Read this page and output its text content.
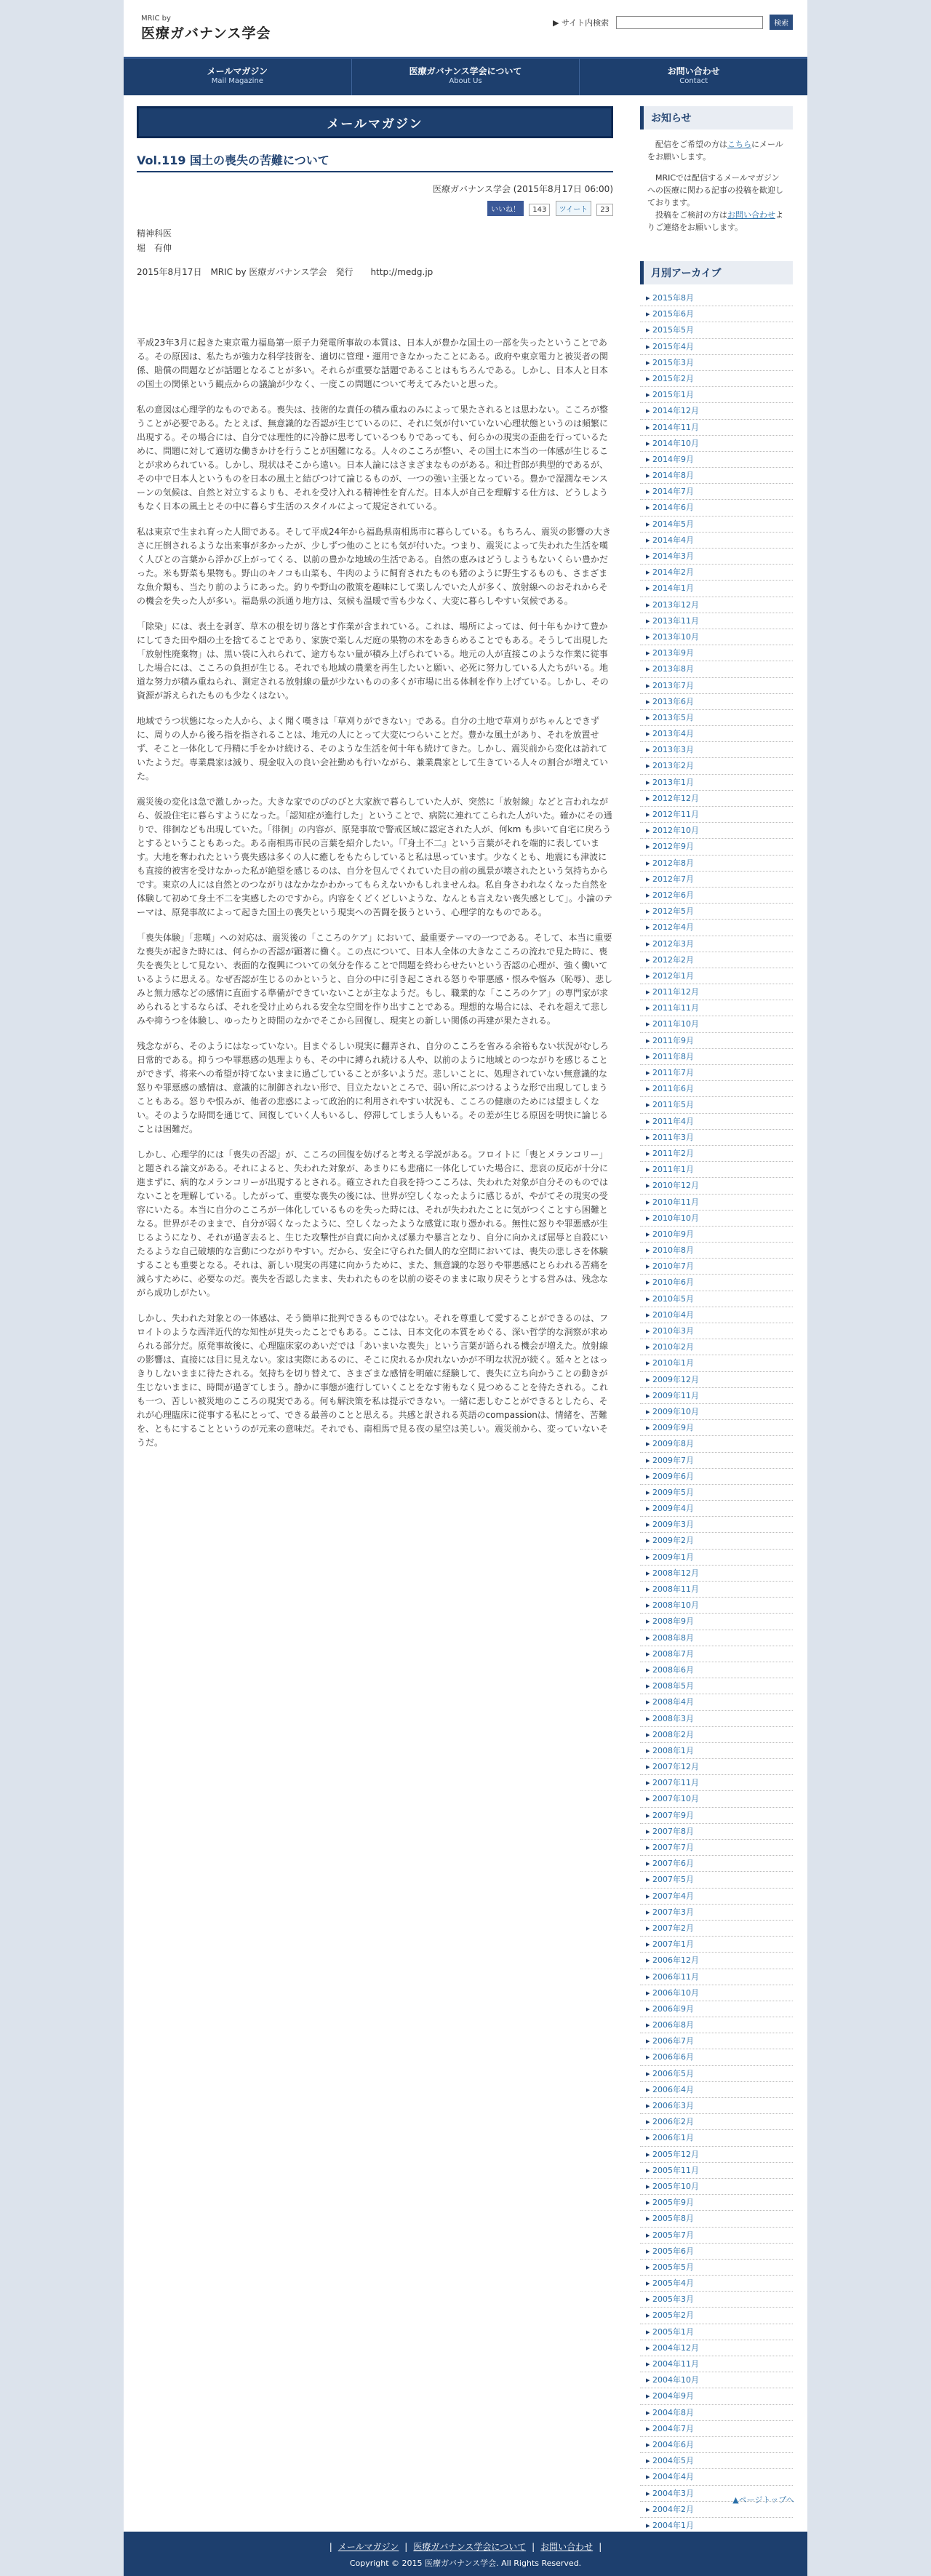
MRIC by
医療ガバナンス学会
▶ サイト内検索	検索
メールマガジン
Mail Magazine
医療ガバナンス学会について
About Us
お問い合わせ
Contact
メールマガジン
Vol.119 国土の喪失の苦難について
医療ガバナンス学会 (2015年8月17日 06:00)
いいね！ 143 ツイート 23
精神科医
堀　有伸
2015年8月17日　MRIC by 医療ガバナンス学会　発行　　http://medg.jp

平成23年3月に起きた東京電力福島第一原子力発電所事故の本質は、日本人が豊かな国土の一部を失ったということである。その原因は、私たちが強力な科学技術を、適切に管理・運用できなかったことにある。政府や東京電力と被災者の関係、賠償の問題などが話題となることが多い。それらが重要な話題であることはもちろんである。しかし、日本人と日本の国土の関係という観点からの議論が少なく、一度この問題について考えてみたいと思った。

私の意図は心理学的なものである。喪失は、技術的な責任の積み重ねのみによって果たされるとは思わない。こころが整うことが必要である。たとえば、無意識的な否認が生じているのに、それに気が付いていない心理状態というのは頻繁に出現する。その場合には、自分では理性的に冷静に思考しているつもりであっても、何らかの現実の歪曲を行っているために、問題に対して適切な働きかけを行うことが困難になる。人々のこころが整い、その国土に本当の一体感が生じることが求められている。しかし、現状はそこから遠い。日本人論にはさまざまなものがある。和辻哲郎が典型的であるが、その中で日本人というものを日本の風土と結びつけて論じるものが、一つの強い主張となっている。豊かで湿潤なモンスーンの気候は、自然と対立するよりも、それを受け入れる精神性を育んだ。日本人が自己を理解する仕方は、どうしようもなく日本の風土とその中に暮らす生活のスタイルによって規定されている。

私は東京で生まれ育った人間である。そして平成24年から福島県南相馬市に暮らしている。もちろん、震災の影響の大きさに圧倒されるような出来事が多かったが、少しずつ他のことにも気が付いた。つまり、震災によって失われた生活を嘆く人びとの言葉から浮かび上がってくる、以前の豊かな地域の生活である。自然の恵みはどうしようもないくらい豊かだった。米も野菜も果物も。野山のキノコも山菜も、牛肉のように飼育されたものも猪のように野生するものも、さまざまな魚介類も、当たり前のようにあった。釣りや野山の散策を趣味にして楽しんでいた人が多く、放射線へのおそれからその機会を失った人が多い。福島県の浜通り地方は、気候も温暖で雪も少なく、大変に暮らしやすい気候である。

「除染」には、表土を剥ぎ、草木の根を切り落とす作業が含まれている。これは、場所によっては、何十年もかけて豊かにしてきた田や畑の土を捨てることであり、家族で楽しんだ庭の果物の木をあきらめることでもある。そうして出現した「放射性廃棄物」は、黒い袋に入れられて、途方もない量が積み上げられている。地元の人が直接このような作業に従事した場合には、こころの負担が生じる。それでも地域の農業を再生したいと願い、必死に努力している人たちがいる。地道な努力が積み重ねられ、測定される放射線の量が少ないものの多くが市場に出る体制を作り上げている。しかし、その資源が訴えられたものも少なくはない。

地域でうつ状態になった人から、よく聞く嘆きは「草刈りができない」である。自分の土地で草刈りがちゃんとできずに、周りの人から後ろ指を指されることは、地元の人にとって大変につらいことだ。豊かな風土があり、それを放置せず、そこと一体化して丹精に手をかけ続ける、そのような生活を何十年も続けてきた。しかし、震災前から変化は訪れていたようだ。専業農家は減り、現金収入の良い会社勤めも行いながら、兼業農家として生きている人々の割合が増えていた。

震災後の変化は急で激しかった。大きな家でのびのびと大家族で暮らしていた人が、突然に「放射線」などと言われながら、仮設住宅に暮らすようになった。「認知症が進行した」ということで、病院に連れてこられた人がいた。確かにその通りで、徘徊なども出現していた。「徘徊」の内容が、原発事故で警戒区域に認定された人が、何km も歩いて自宅に戻ろうとするということもあった。ある南相馬市民の言葉を紹介したい。「『身土不二』という言葉がそれを端的に表しています。大地を奪われたという喪失感は多くの人に癒しをもたらしていると私は思っています。少なくとも、地震にも津波にも直接的被害を受けなかった私が絶望を感じるのは、自分を包んでくれていた目の前の風景が壊されたという気持ちからです。東京の人には自然とのつながりはなかなかわかってもらえないかもしれませんね。私自身さわれなくなった自然を体験して初めて身土不二を実感したのですから。内容をくどくどしいような、なんとも言えない喪失感として」。小論のテーマは、原発事故によって起きた国土の喪失という現実への苦闘を扱うという、心理学的なものである。

「喪失体験」「悲嘆」への対応は、震災後の「こころのケア」において、最重要テーマの一つである。そして、本当に重要な喪失が起きた時には、何らかの否認が顕著に働く。この点について、日本人全体の大きなこころの流れで見た時に、喪失を喪失として見ない、表面的な復興についての気分を作ることで問題を終わらせたいという否認の心理が、強く働いているように思える。なぜ否認が生じるのかというと、自分の中に引き起こされる怒りや罪悪感・恨みや悩み（恥辱）、悲しみと無力感などの感情に直面する準備ができていないことが主なようだ。もし、職業的な「こころのケア」の専門家が求められるとするならば、それを受け止められる安全な空間を作り出すことである。理想的な場合には、それを超えて悲しみや抑うつを体験し、ゆったりと時間のなかでそこから回復し、現実との新しい関係の再建が果たされる。

残念ながら、そのようにはなっていない。目まぐるしい現実に翻弄され、自分のこころを省みる余裕もない状況がむしろ日常的である。抑うつや罪悪感の処理よりも、その中に縛られ続ける人や、以前のように地域とのつながりを感じることができず、将来への希望が持てないままに過ごしていることが多いようだ。悲しいことに、処理されていない無意識的な怒りや罪悪感の感情は、意識的に制御されない形で、目立たないところで、弱い所にぶつけるような形で出現してしまうこともある。怒りや恨みが、他者の悲惑によって政治的に利用されやすい状況も、こころの健康のためには望ましくない。そのような時間を通じて、回復していく人もいるし、停滞してしまう人もいる。その差が生じる原因を明快に論じることは困難だ。

しかし、心理学的には「喪失の否認」が、こころの回復を妨げると考える学説がある。フロイトに「喪とメランコリー」と題される論文がある。それによると、失われた対象が、あまりにも悲痛に一体化していた場合に、悲哀の反応が十分に進まずに、病的なメランコリーが出現するとされる。確立された自我を持つこころは、失われた対象が自分そのものではないことを理解している。したがって、重要な喪失の後には、世界が空しくなったように感じるが、やがてその現実の受容にいたる。本当に自分のこころが一体化しているものを失った時には、それが失われたことに気がつくことすら困難となる。世界がそのままで、自分が弱くなったように、空しくなったような感覚に取り憑かれる。無性に怒りや罪悪感が生じるようになり、それが過ぎ去ると、生じた攻撃性が自責に向かえば暴力や暴言となり、自分に向かえば屈辱と自殺にいたるような自己破壊的な言動につながりやすい。だから、安全に守られた個人的な空間においては、喪失の悲しさを体験することも重要となる。それは、新しい現実の再建に向かうために、また、無意識的な怒りや罪悪感にとらわれる苦痛を減らすために、必要なのだ。喪失を否認したまま、失われたものを以前の姿そのままに取り戻そうとする営みは、残念ながら成功しがたい。

しかし、失われた対象との一体感は、そう簡単に批判できるものではない。それを尊重して愛することができるのは、フロイトのような西洋近代的な知性が見失ったことでもある。ここは、日本文化の本質をめぐる、深い哲学的な洞察が求められる部分だ。原発事故後に、心理臨床家のあいだでは「あいまいな喪失」という言葉が語られる機会が増えた。放射線の影響は、直接には目に見えない。家は実際にあるのに、そこに戻れるか戻れないかが不明な状況が続く。延々ととはっきりしないままに待たされる。気持ちを切り替えて、さまざまな感情を明確に経験して、喪失に立ち向かうことの動きが生じないままに、時間が過ぎてしまう。静かに事態が進行していくことをなす術もなく見つめることを待たされる。これも一つ、苦しい被災地のこころの現実である。何も解決策を私は提示できない。一緒に悲しむことができるとしたら、それが心理臨床に従事する私にとって、できる最善のことと思える。共感と訳される英語のcompassionは、情緒を、苦難を、ともにすることというのが元来の意味だ。それでも、南相馬で見る夜の星空は美しい。震災前から、変っていないそうだ。

お知らせ
　配信をご希望の方はこちらにメールをお願いします。
　MRICでは配信するメールマガジンへの医療に関わる記事の投稿を歓迎しております。
　投稿をご検討の方はお問い合わせよりご連絡をお願いします。
月別アーカイブ
▸ 2015年8月
▸ 2015年6月
▸ 2015年5月
▸ 2015年4月
▸ 2015年3月
▸ 2015年2月
▸ 2015年1月
▸ 2014年12月
▸ 2014年11月
▸ 2014年10月
▸ 2014年9月
▸ 2014年8月
▸ 2014年7月
▸ 2014年6月
▸ 2014年5月
▸ 2014年4月
▸ 2014年3月
▸ 2014年2月
▸ 2014年1月
▸ 2013年12月
▸ 2013年11月
▸ 2013年10月
▸ 2013年9月
▸ 2013年8月
▸ 2013年7月
▸ 2013年6月
▸ 2013年5月
▸ 2013年4月
▸ 2013年3月
▸ 2013年2月
▸ 2013年1月
▸ 2012年12月
▸ 2012年11月
▸ 2012年10月
▸ 2012年9月
▸ 2012年8月
▸ 2012年7月
▸ 2012年6月
▸ 2012年5月
▸ 2012年4月
▸ 2012年3月
▸ 2012年2月
▸ 2012年1月
▸ 2011年12月
▸ 2011年11月
▸ 2011年10月
▸ 2011年9月
▸ 2011年8月
▸ 2011年7月
▸ 2011年6月
▸ 2011年5月
▸ 2011年4月
▸ 2011年3月
▸ 2011年2月
▸ 2011年1月
▸ 2010年12月
▸ 2010年11月
▸ 2010年10月
▸ 2010年9月
▸ 2010年8月
▸ 2010年7月
▸ 2010年6月
▸ 2010年5月
▸ 2010年4月
▸ 2010年3月
▸ 2010年2月
▸ 2010年1月
▸ 2009年12月
▸ 2009年11月
▸ 2009年10月
▸ 2009年9月
▸ 2009年8月
▸ 2009年7月
▸ 2009年6月
▸ 2009年5月
▸ 2009年4月
▸ 2009年3月
▸ 2009年2月
▸ 2009年1月
▸ 2008年12月
▸ 2008年11月
▸ 2008年10月
▸ 2008年9月
▸ 2008年8月
▸ 2008年7月
▸ 2008年6月
▸ 2008年5月
▸ 2008年4月
▸ 2008年3月
▸ 2008年2月
▸ 2008年1月
▸ 2007年12月
▸ 2007年11月
▸ 2007年10月
▸ 2007年9月
▸ 2007年8月
▸ 2007年7月
▸ 2007年6月
▸ 2007年5月
▸ 2007年4月
▸ 2007年3月
▸ 2007年2月
▸ 2007年1月
▸ 2006年12月
▸ 2006年11月
▸ 2006年10月
▸ 2006年9月
▸ 2006年8月
▸ 2006年7月
▸ 2006年6月
▸ 2006年5月
▸ 2006年4月
▸ 2006年3月
▸ 2006年2月
▸ 2006年1月
▸ 2005年12月
▸ 2005年11月
▸ 2005年10月
▸ 2005年9月
▸ 2005年8月
▸ 2005年7月
▸ 2005年6月
▸ 2005年5月
▸ 2005年4月
▸ 2005年3月
▸ 2005年2月
▸ 2005年1月
▸ 2004年12月
▸ 2004年11月
▸ 2004年10月
▸ 2004年9月
▸ 2004年8月
▸ 2004年7月
▸ 2004年6月
▸ 2004年5月
▸ 2004年4月
▸ 2004年3月
▸ 2004年2月
▸ 2004年1月
▲ページトップへ
| メールマガジン | 医療ガバナンス学会について | お問い合わせ |
Copyright © 2015 医療ガバナンス学会. All Rights Reserved.
